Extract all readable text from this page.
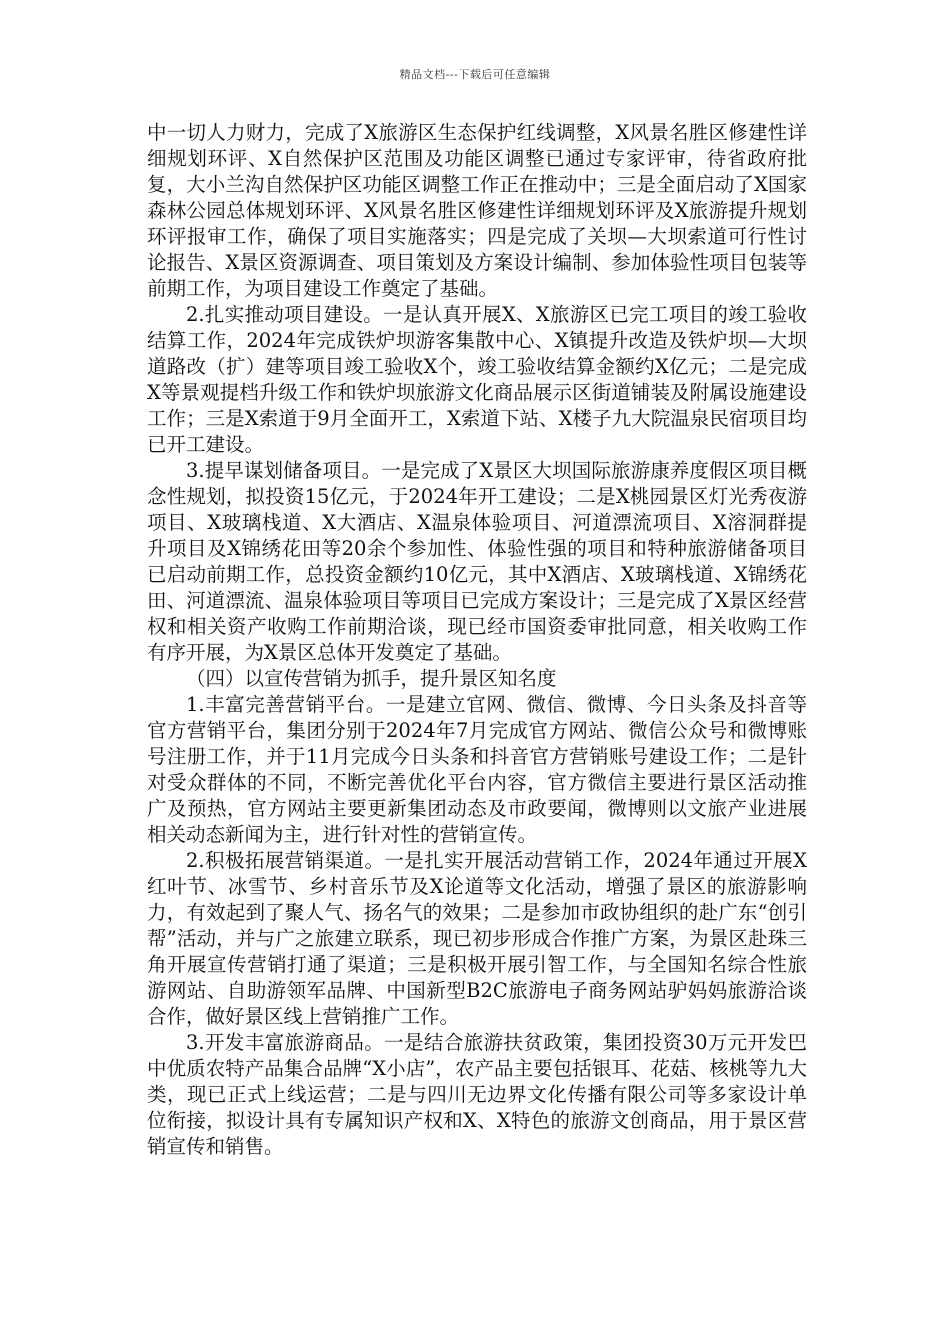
精品文档---下载后可任意编辑

中一切人力财力，完成了X旅游区生态保护红线调整，X风景名胜区修建性详细规划环评、X自然保护区范围及功能区调整已通过专家评审，待省政府批复，大小兰沟自然保护区功能区调整工作正在推动中；三是全面启动了X国家森林公园总体规划环评、X风景名胜区修建性详细规划环评及X旅游提升规划环评报审工作，确保了项目实施落实；四是完成了关坝—大坝索道可行性讨论报告、X景区资源调查、项目策划及方案设计编制、参加体验性项目包装等前期工作，为项目建设工作奠定了基础。

2.扎实推动项目建设。一是认真开展X、X旅游区已完工项目的竣工验收结算工作，2024年完成铁炉坝游客集散中心、X镇提升改造及铁炉坝—大坝道路改（扩）建等项目竣工验收X个，竣工验收结算金额约X亿元；二是完成X等景观提档升级工作和铁炉坝旅游文化商品展示区街道铺装及附属设施建设工作；三是X索道于9月全面开工，X索道下站、X楼子九大院温泉民宿项目均已开工建设。

3.提早谋划储备项目。一是完成了X景区大坝国际旅游康养度假区项目概念性规划，拟投资15亿元，于2024年开工建设；二是X桃园景区灯光秀夜游项目、X玻璃栈道、X大酒店、X温泉体验项目、河道漂流项目、X溶洞群提升项目及X锦绣花田等20余个参加性、体验性强的项目和特种旅游储备项目已启动前期工作，总投资金额约10亿元，其中X酒店、X玻璃栈道、X锦绣花田、河道漂流、温泉体验项目等项目已完成方案设计；三是完成了X景区经营权和相关资产收购工作前期洽谈，现已经市国资委审批同意，相关收购工作有序开展，为X景区总体开发奠定了基础。

（四）以宣传营销为抓手，提升景区知名度

1.丰富完善营销平台。一是建立官网、微信、微博、今日头条及抖音等官方营销平台，集团分别于2024年7月完成官方网站、微信公众号和微博账号注册工作，并于11月完成今日头条和抖音官方营销账号建设工作；二是针对受众群体的不同，不断完善优化平台内容，官方微信主要进行景区活动推广及预热，官方网站主要更新集团动态及市政要闻，微博则以文旅产业进展相关动态新闻为主，进行针对性的营销宣传。

2.积极拓展营销渠道。一是扎实开展活动营销工作，2024年通过开展X红叶节、冰雪节、乡村音乐节及X论道等文化活动，增强了景区的旅游影响力，有效起到了聚人气、扬名气的效果；二是参加市政协组织的赴广东“创引帮”活动，并与广之旅建立联系，现已初步形成合作推广方案，为景区赴珠三角开展宣传营销打通了渠道；三是积极开展引智工作，与全国知名综合性旅游网站、自助游领军品牌、中国新型B2C旅游电子商务网站驴妈妈旅游洽谈合作，做好景区线上营销推广工作。

3.开发丰富旅游商品。一是结合旅游扶贫政策，集团投资30万元开发巴中优质农特产品集合品牌“X小店”，农产品主要包括银耳、花菇、核桃等九大类，现已正式上线运营；二是与四川无边界文化传播有限公司等多家设计单位衔接，拟设计具有专属知识产权和X、X特色的旅游文创商品，用于景区营销宣传和销售。
